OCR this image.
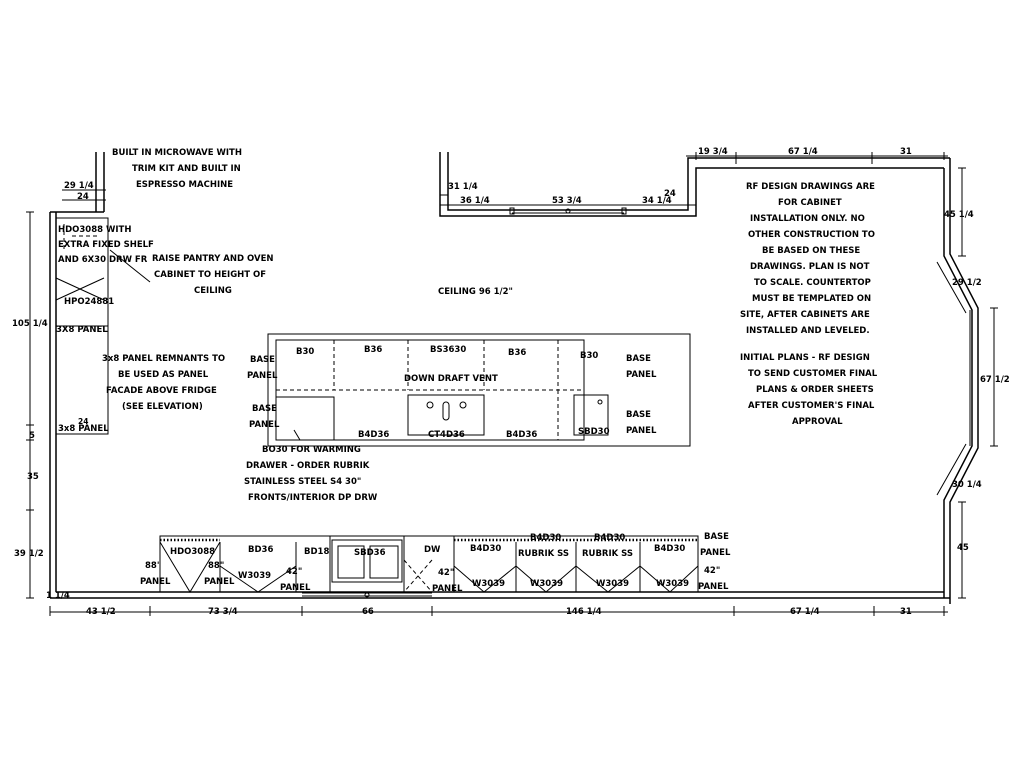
BUILT IN MICROWAVE WITH
TRIM KIT AND BUILT IN
ESPRESSO MACHINE
HDO3088 WITH
EXTRA FIXED SHELF
AND 6X30 DRW FR RAISE PANTRY AND OVEN
CABINET TO HEIGHT OF
CEILING
HPO24881
3X8 PANEL
3x8 PANEL REMNANTS TO
BE USED AS PANEL
FACADE ABOVE FRIDGE
(SEE ELEVATION)
3x8 PANEL
CEILING 96 1/2"
RF DESIGN DRAWINGS ARE
FOR CABINET
INSTALLATION ONLY. NO
OTHER CONSTRUCTION TO
BE BASED ON THESE
DRAWINGS. PLAN IS NOT
TO SCALE. COUNTERTOP
MUST BE TEMPLATED ON
SITE, AFTER CABINETS ARE
INSTALLED AND LEVELED.
INITIAL PLANS - RF DESIGN
TO SEND CUSTOMER FINAL
PLANS & ORDER SHEETS
AFTER CUSTOMER'S FINAL
APPROVAL
BO30 FOR WARMING
DRAWER - ORDER RUBRIK
STAINLESS STEEL S4 30"
FRONTS/INTERIOR DP DRW
B30	B36	BS3630	B36	B30
DOWN DRAFT VENT
B4D36	CT4D36	B4D36	SBD30
BASE
PANEL
BASE
PANEL
BASE
PANEL
BASE
PANEL
HDO3088	BD36	BD18	SBD36	DW	B4D30
B4D30	B4D30
B4D30
RUBRIK SS RUBRIK SS
W3039
W3039	W3039	W3039	W3039
88"
PANEL
88"
PANEL
42"
PANEL
42"
PANEL
42"
PANEL
BASE
PANEL
29 1/4
24
31 1/4
36 1/4	53 3/4	34 1/4
24
19 3/4	67 1/4	31
105 1/4
5
35
39 1/2
1 1/4
24
45 1/4
29 1/2
67 1/2
30 1/4
45
43 1/2	73 3/4	66	146 1/4	67 1/4	31
